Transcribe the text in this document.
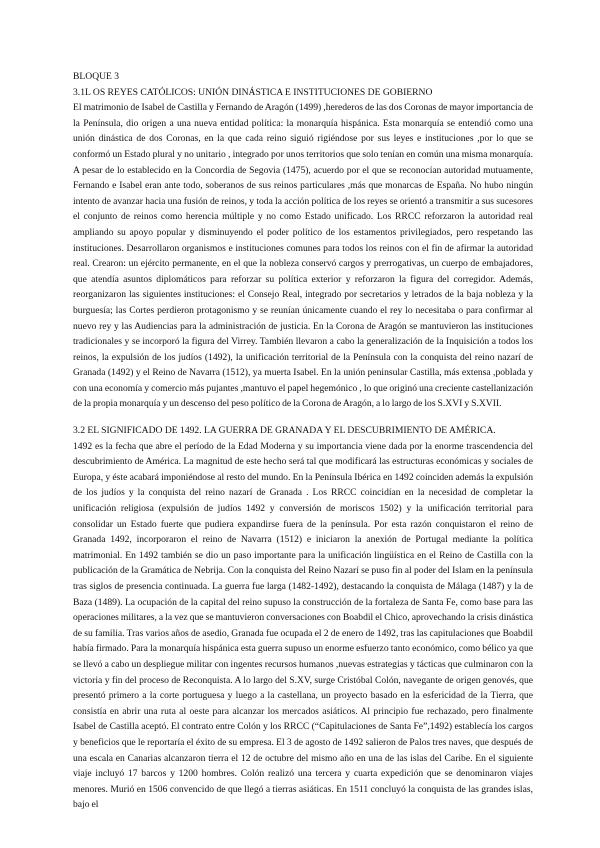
BLOQUE 3

3.1L OS REYES CATÓLICOS: UNIÓN DINÁSTICA E INSTITUCIONES DE GOBIERNO

El matrimonio de Isabel de Castilla y Fernando de Aragón (1499) ,herederos de las dos Coronas de mayor importancia de la Península, dio origen a una nueva entidad política: la monarquía hispánica. Esta monarquía se entendió como una unión dinástica de dos Coronas, en la que cada reino siguió rigiéndose por sus leyes e instituciones ,por lo que se conformó un Estado plural y no unitario , integrado por unos territorios que solo tenían en común una misma monarquía. A pesar de lo establecido en la Concordia de Segovia (1475), acuerdo por el que se reconocían autoridad mutuamente, Fernando e Isabel eran ante todo, soberanos de sus reinos particulares ,más que monarcas de España. No hubo ningún intento de avanzar hacia una fusión de reinos, y toda la acción política de los reyes se orientó a transmitir a sus sucesores el conjunto de reinos como herencia múltiple y no como Estado unificado. Los RRCC reforzaron la autoridad real ampliando su apoyo popular y disminuyendo el poder político de los estamentos privilegiados, pero respetando las instituciones. Desarrollaron organismos e instituciones comunes para todos los reinos con el fin de afirmar la autoridad real. Crearon: un ejército permanente, en el que la nobleza conservó cargos y prerrogativas, un cuerpo de embajadores, que atendía asuntos diplomáticos para reforzar su política exterior y reforzaron la figura del corregidor. Además, reorganizaron las siguientes instituciones: el Consejo Real, integrado por secretarios y letrados de la baja nobleza y la burguesía; las Cortes perdieron protagonismo y se reunían únicamente cuando el rey lo necesitaba o para confirmar al nuevo rey y las Audiencias para la administración de justicia. En la Corona de Aragón se mantuvieron las instituciones tradicionales y se incorporó la figura del Virrey. También llevaron a cabo la generalización de la Inquisición a todos los reinos, la expulsión de los judíos (1492), la unificación territorial de la Península con la conquista del reino nazarí de Granada (1492) y el Reino de Navarra (1512), ya muerta Isabel. En la unión peninsular Castilla, más extensa ,poblada y con una economía y comercio más pujantes ,mantuvo el papel hegemónico , lo que originó una creciente castellanización de la propia monarquía y un descenso del peso político de la Corona de Aragón, a lo largo de los S.XVI y S.XVII.

3.2 EL SIGNIFICADO DE 1492. LA GUERRA DE GRANADA Y EL DESCUBRIMIENTO DE AMÉRICA.

1492 es la fecha que abre el período de la Edad Moderna y su importancia viene dada por la enorme trascendencia del descubrimiento de América. La magnitud de este hecho será tal que modificará las estructuras económicas y sociales de Europa, y éste acabará imponiéndose al resto del mundo. En la Península Ibérica en 1492 coinciden además la expulsión de los judíos y la conquista del reino nazarí de Granada . Los RRCC coincidían en la necesidad de completar la unificación religiosa (expulsión de judíos 1492 y conversión de moriscos 1502) y la unificación territorial para consolidar un Estado fuerte que pudiera expandirse fuera de la península. Por esta razón conquistaron el reino de Granada 1492, incorporaron el reino de Navarra (1512) e iniciaron la anexión de Portugal mediante la política matrimonial. En 1492 también se dio un paso importante para la unificación lingüística en el Reino de Castilla con la publicación de la Gramática de Nebrija. Con la conquista del Reino Nazarí se puso fin al poder del Islam en la península tras siglos de presencia continuada. La guerra fue larga (1482-1492), destacando la conquista de Málaga (1487) y la de Baza (1489). La ocupación de la capital del reino supuso la construcción de la fortaleza de Santa Fe, como base para las operaciones militares, a la vez que se mantuvieron conversaciones con Boabdil el Chico, aprovechando la crisis dinástica de su familia. Tras varios años de asedio, Granada fue ocupada el 2 de enero de 1492, tras las capitulaciones que Boabdil había firmado. Para la monarquía hispánica esta guerra supuso un enorme esfuerzo tanto económico, como bélico ya que se llevó a cabo un despliegue militar con ingentes recursos humanos ,nuevas estrategias y tácticas que culminaron con la victoria y fin del proceso de Reconquista. A lo largo del S.XV, surge Cristóbal Colón, navegante de origen genovés, que presentó primero a la corte portuguesa y luego a la castellana, un proyecto basado en la esfericidad de la Tierra, que consistía en abrir una ruta al oeste para alcanzar los mercados asiáticos. Al principio fue rechazado, pero finalmente Isabel de Castilla aceptó. El contrato entre Colón y los RRCC (“Capitulaciones de Santa Fe”,1492) establecía los cargos y beneficios que le reportaría el éxito de su empresa. El 3 de agosto de 1492 salieron de Palos tres naves, que después de una escala en Canarias alcanzaron tierra el 12 de octubre del mismo año en una de las islas del Caribe. En el siguiente viaje incluyó 17 barcos y 1200 hombres. Colón realizó una tercera y cuarta expedición que se denominaron viajes menores. Murió en 1506 convencido de que llegó a tierras asiáticas. En 1511 concluyó la conquista de las grandes islas, bajo el
